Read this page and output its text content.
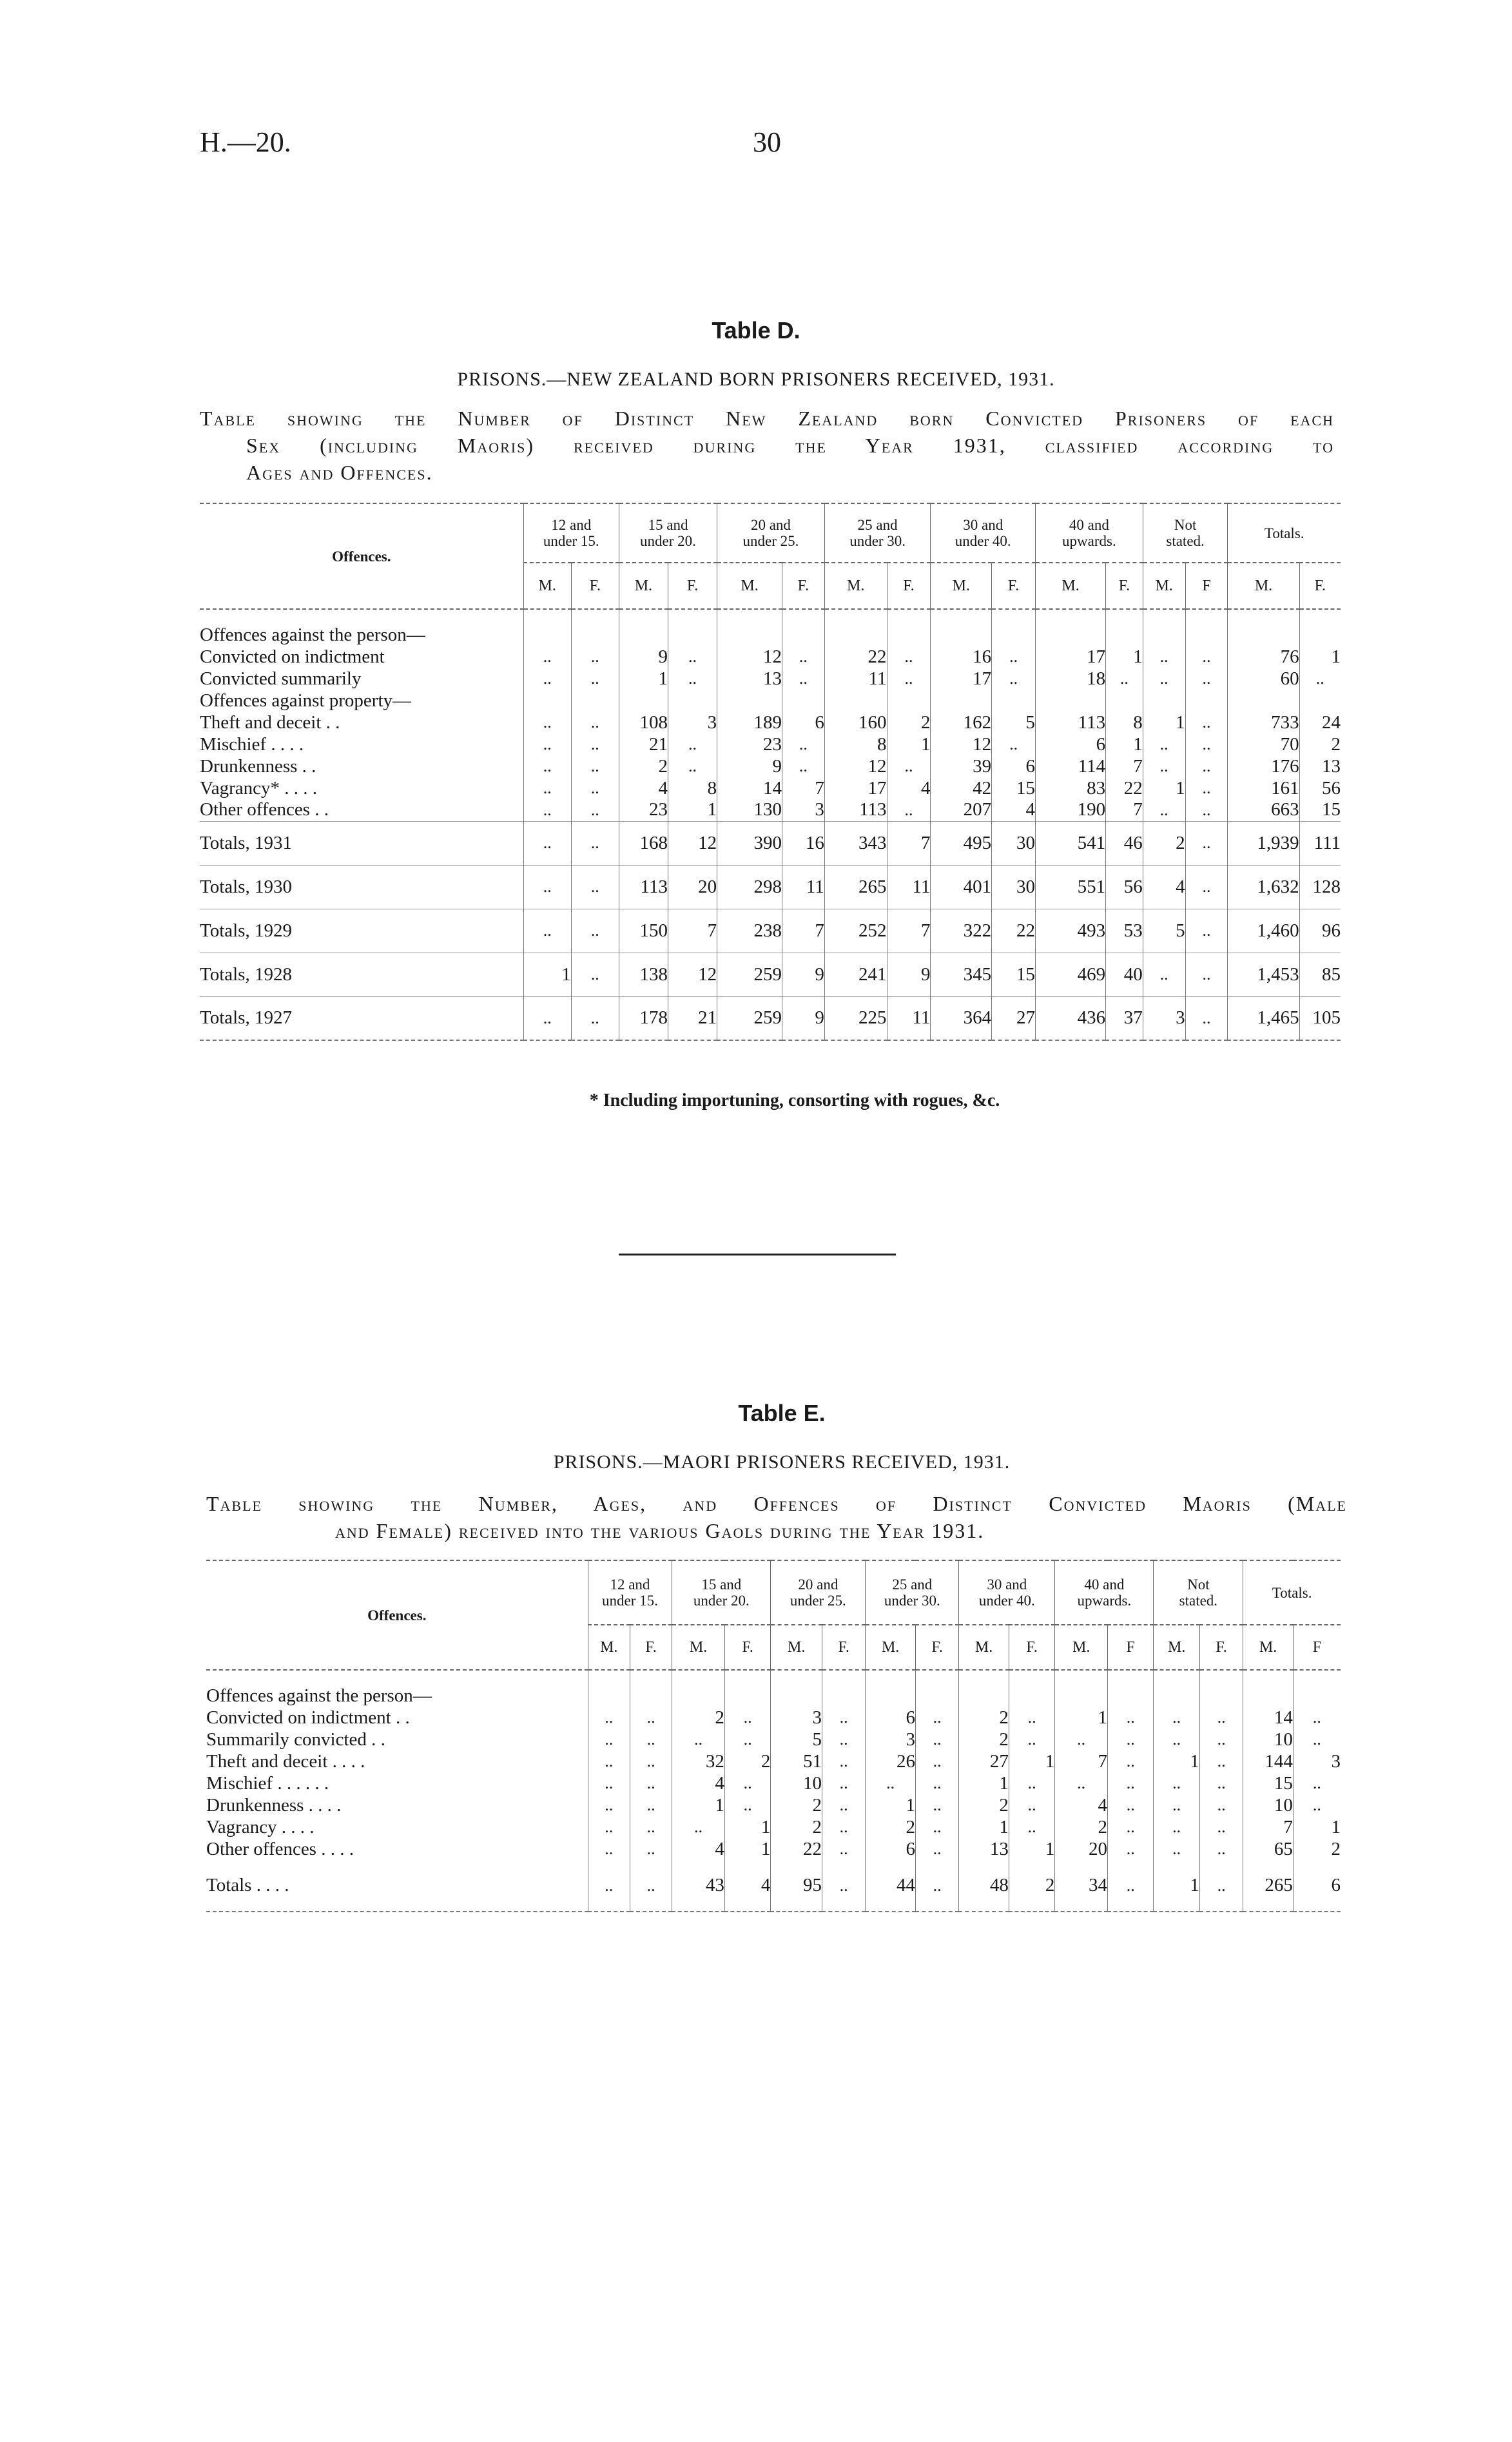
H.—20.	30
Table D.
PRISONS.—NEW ZEALAND BORN PRISONERS RECEIVED, 1931.
Table showing the Number of Distinct New Zealand born Convicted Prisoners of each
Sex (including Maoris) received during the Year 1931, classified according to
Ages and Offences.
Offences.	12 and
under 15.		15 and
under 20.		20 and
under 25.		25 and
under 30.		30 and
under 40.		40 and
upwards.		Not
stated.		Totals.	
	M.	F.	M.	F.	M.	F.	M.	F.	M.	F.	M.	F.	M.	F	M.	F.

Offences against the person—																
Convicted on indictment	..	..	9	..	12	..	22	..	16	..	17	1	..	..	76	1
Convicted summarily	..	..	1	..	13	..	11	..	17	..	18	..	..	..	60	..
Offences against property—																
Theft and deceit . .	..	..	108	3	189	6	160	2	162	5	113	8	1	..	733	24
Mischief . . . .	..	..	21	..	23	..	8	1	12	..	6	1	..	..	70	2
Drunkenness . .	..	..	2	..	9	..	12	..	39	6	114	7	..	..	176	13
Vagrancy* . . . .	..	..	4	8	14	7	17	4	42	15	83	22	1	..	161	56
Other offences . .	..	..	23	1	130	3	113	..	207	4	190	7	..	..	663	15
Totals, 1931	..	..	168	12	390	16	343	7	495	30	541	46	2	..	1,939	111
Totals, 1930	..	..	113	20	298	11	265	11	401	30	551	56	4	..	1,632	128
Totals, 1929	..	..	150	7	238	7	252	7	322	22	493	53	5	..	1,460	96
Totals, 1928	1	..	138	12	259	9	241	9	345	15	469	40	..	..	1,453	85
Totals, 1927	..	..	178	21	259	9	225	11	364	27	436	37	3	..	1,465	105
* Including importuning, consorting with rogues, &c.
Table E.
PRISONS.—MAORI PRISONERS RECEIVED, 1931.
Table showing the Number, Ages, and Offences of Distinct Convicted Maoris (Male
and Female) received into the various Gaols during the Year 1931.
Offences.	12 and
under 15.		15 and
under 20.		20 and
under 25.		25 and
under 30.		30 and
under 40.		40 and
upwards.		Not
stated.		Totals.	
	M.	F.	M.	F.	M.	F.	M.	F.	M.	F.	M.	F	M.	F.	M.	F

Offences against the person—																
Convicted on indictment . .	..	..	2	..	3	..	6	..	2	..	1	..	..	..	14	..
Summarily convicted . .	..	..	..	..	5	..	3	..	2	..	..	..	..	..	10	..
Theft and deceit . . . .	..	..	32	2	51	..	26	..	27	1	7	..	1	..	144	3
Mischief . . . . . .	..	..	4	..	10	..	..	..	1	..	..	..	..	..	15	..
Drunkenness . . . .	..	..	1	..	2	..	1	..	2	..	4	..	..	..	10	..
Vagrancy . . . .	..	..	..	1	2	..	2	..	1	..	2	..	..	..	7	1
Other offences . . . .	..	..	4	1	22	..	6	..	13	1	20	..	..	..	65	2
Totals . . . .	..	..	43	4	95	..	44	..	48	2	34	..	1	..	265	6
